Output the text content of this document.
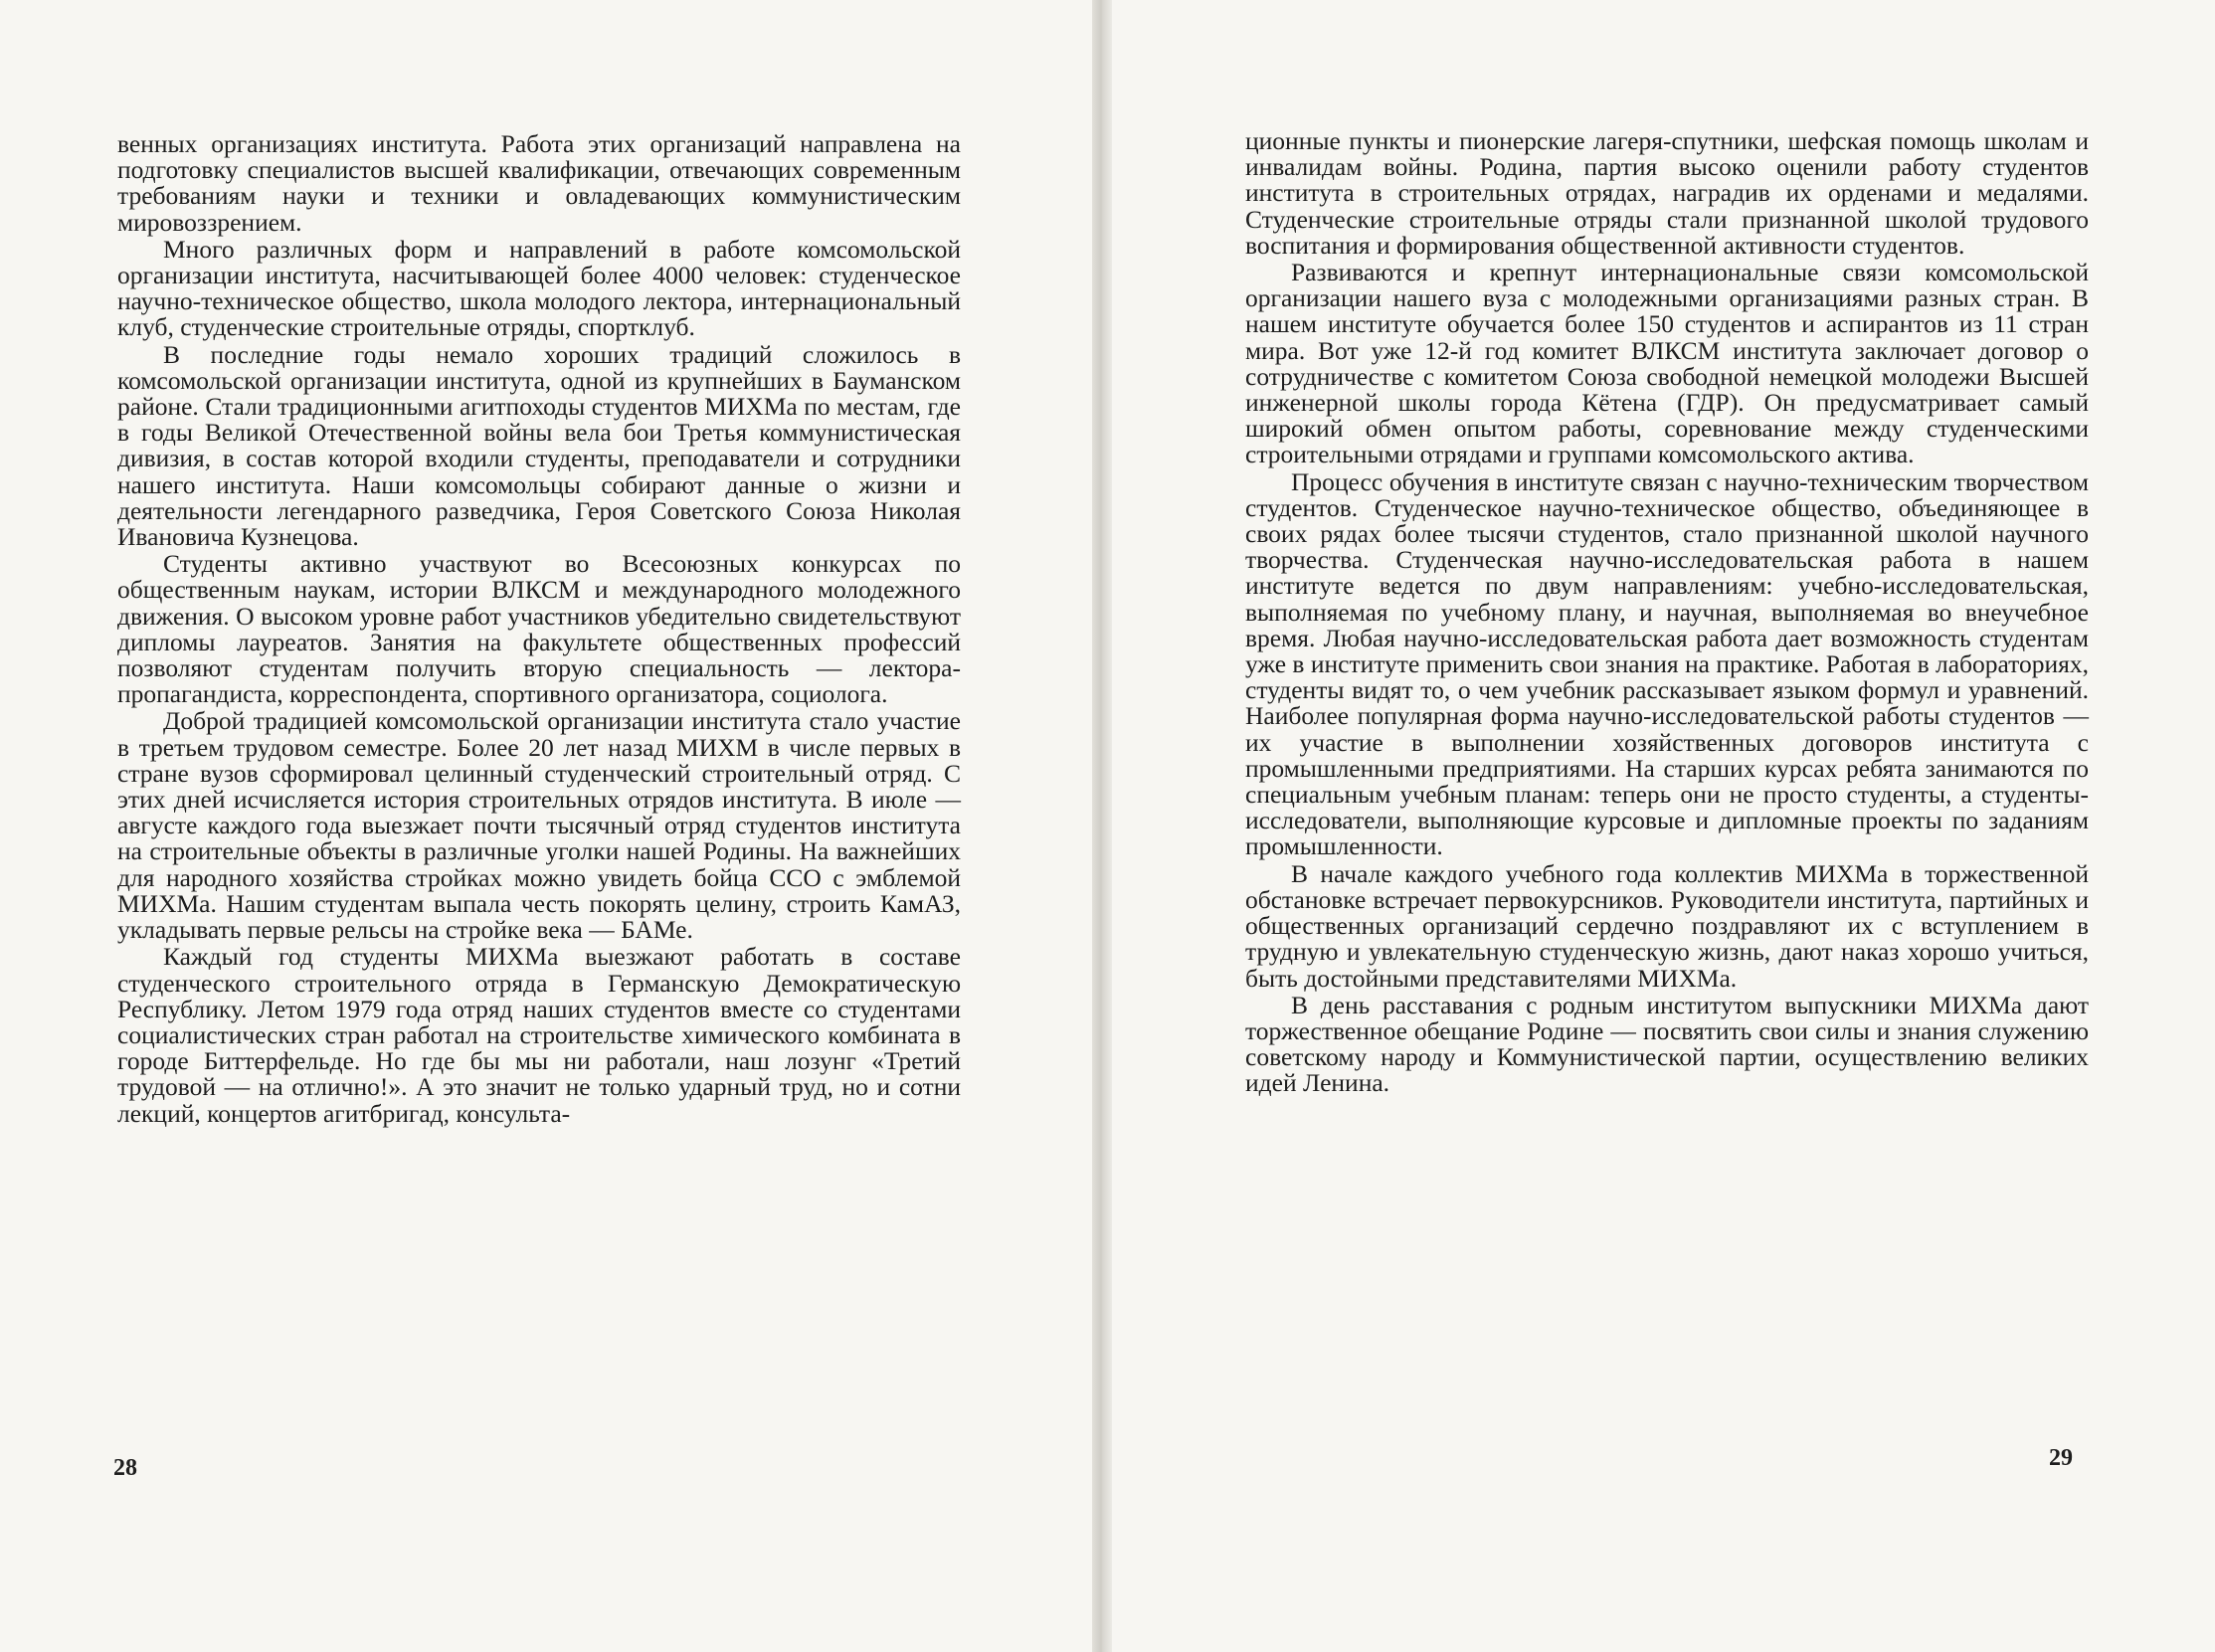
венных организациях института. Работа этих организаций направлена на подготовку специалистов высшей квалификации, отвечающих современным требованиям науки и техники и овладевающих коммунистическим мировоззрением.

Много различных форм и направлений в работе комсомольской организации института, насчитывающей более 4000 человек: студенческое научно-техническое общество, школа молодого лектора, интернациональный клуб, студенческие строительные отряды, спортклуб.

В последние годы немало хороших традиций сложилось в комсомольской организации института, одной из крупнейших в Бауманском районе. Стали традиционными агитпоходы студентов МИХМа по местам, где в годы Великой Отечественной войны вела бои Третья коммунистическая дивизия, в состав которой входили студенты, преподаватели и сотрудники нашего института. Наши комсомольцы собирают данные о жизни и деятельности легендарного разведчика, Героя Советского Союза Николая Ивановича Кузнецова.

Студенты активно участвуют во Всесоюзных конкурсах по общественным наукам, истории ВЛКСМ и международного молодежного движения. О высоком уровне работ участников убедительно свидетельствуют дипломы лауреатов. Занятия на факультете общественных профессий позволяют студентам получить вторую специальность — лектора-пропагандиста, корреспондента, спортивного организатора, социолога.

Доброй традицией комсомольской организации института стало участие в третьем трудовом семестре. Более 20 лет назад МИХМ в числе первых в стране вузов сформировал целинный студенческий строительный отряд. С этих дней исчисляется история строительных отрядов института. В июле — августе каждого года выезжает почти тысячный отряд студентов института на строительные объекты в различные уголки нашей Родины. На важнейших для народного хозяйства стройках можно увидеть бойца ССО с эмблемой МИХМа. Нашим студентам выпала честь покорять целину, строить КамАЗ, укладывать первые рельсы на стройке века — БАМе.

Каждый год студенты МИХМа выезжают работать в составе студенческого строительного отряда в Германскую Демократическую Республику. Летом 1979 года отряд наших студентов вместе со студентами социалистических стран работал на строительстве химического комбината в городе Биттерфельде. Но где бы мы ни работали, наш лозунг «Третий трудовой — на отлично!». А это значит не только ударный труд, но и сотни лекций, концертов агитбригад, консульта-

28

ционные пункты и пионерские лагеря-спутники, шефская помощь школам и инвалидам войны. Родина, партия высоко оценили работу студентов института в строительных отрядах, наградив их орденами и медалями. Студенческие строительные отряды стали признанной школой трудового воспитания и формирования общественной активности студентов.

Развиваются и крепнут интернациональные связи комсомольской организации нашего вуза с молодежными организациями разных стран. В нашем институте обучается более 150 студентов и аспирантов из 11 стран мира. Вот уже 12-й год комитет ВЛКСМ института заключает договор о сотрудничестве с комитетом Союза свободной немецкой молодежи Высшей инженерной школы города Кётена (ГДР). Он предусматривает самый широкий обмен опытом работы, соревнование между студенческими строительными отрядами и группами комсомольского актива.

Процесс обучения в институте связан с научно-техническим творчеством студентов. Студенческое научно-техническое общество, объединяющее в своих рядах более тысячи студентов, стало признанной школой научного творчества. Студенческая научно-исследовательская работа в нашем институте ведется по двум направлениям: учебно-исследовательская, выполняемая по учебному плану, и научная, выполняемая во внеучебное время. Любая научно-исследовательская работа дает возможность студентам уже в институте применить свои знания на практике. Работая в лабораториях, студенты видят то, о чем учебник рассказывает языком формул и уравнений. Наиболее популярная форма научно-исследовательской работы студентов — их участие в выполнении хозяйственных договоров института с промышленными предприятиями. На старших курсах ребята занимаются по специальным учебным планам: теперь они не просто студенты, а студенты-исследователи, выполняющие курсовые и дипломные проекты по заданиям промышленности.

В начале каждого учебного года коллектив МИХМа в торжественной обстановке встречает первокурсников. Руководители института, партийных и общественных организаций сердечно поздравляют их с вступлением в трудную и увлекательную студенческую жизнь, дают наказ хорошо учиться, быть достойными представителями МИХМа.

В день расставания с родным институтом выпускники МИХМа дают торжественное обещание Родине — посвятить свои силы и знания служению советскому народу и Коммунистической партии, осуществлению великих идей Ленина.

29
